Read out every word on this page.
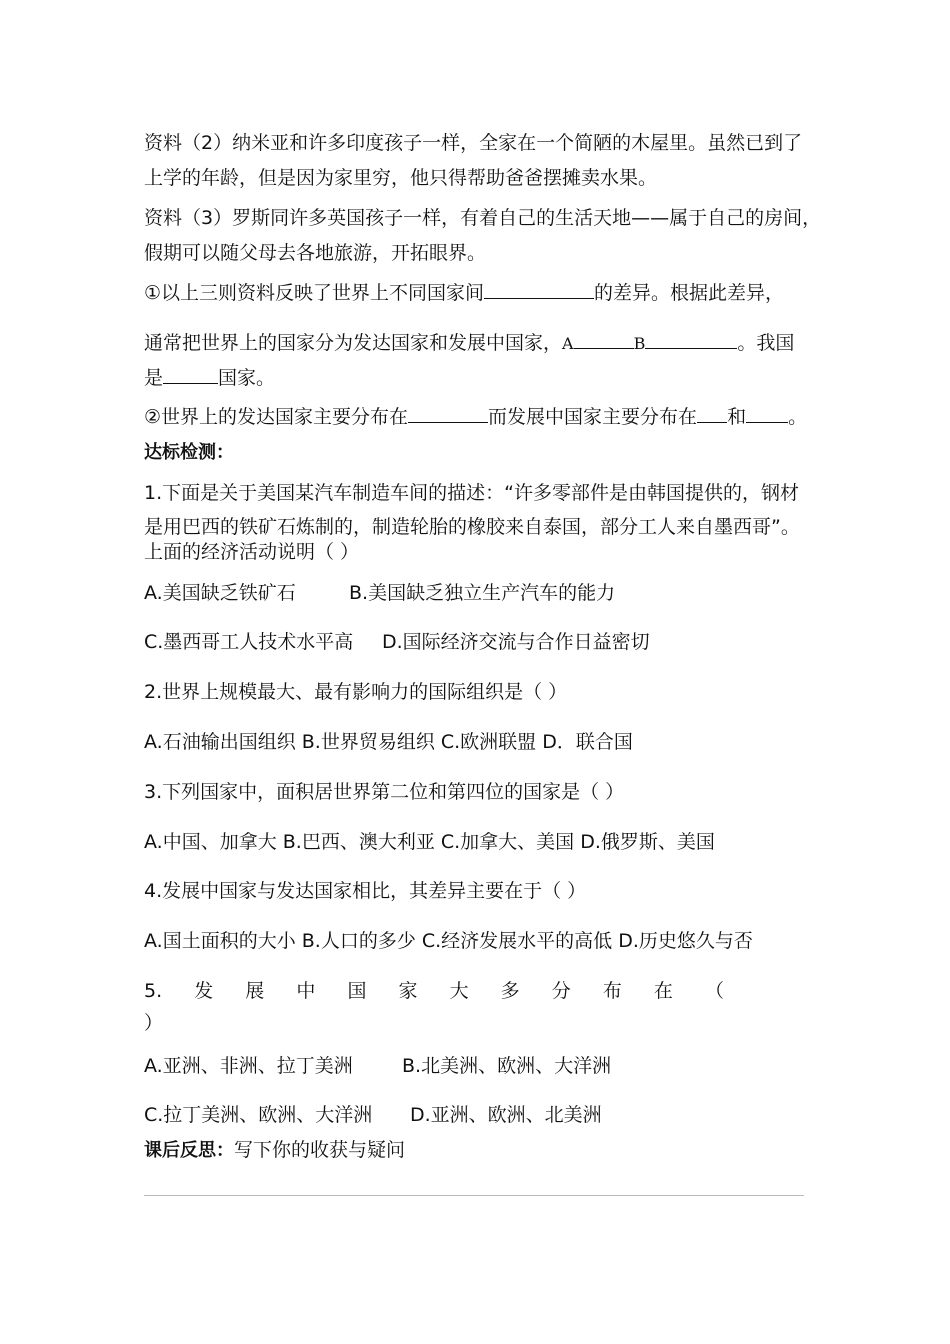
资料（2）纳米亚和许多印度孩子一样，全家在一个简陋的木屋里。虽然已到了
上学的年龄，但是因为家里穷，他只得帮助爸爸摆摊卖水果。
资料（3）罗斯同许多英国孩子一样，有着自己的生活天地——属于自己的房间，
假期可以随父母去各地旅游，开拓眼界。
①以上三则资料反映了世界上不同国家间	的差异。根据此差异，
通常把世界上的国家分为发达国家和发展中国家，A	B	。我国
是	国家。
②世界上的发达国家主要分布在	而发展中国家主要分布在 和 。
达标检测：
1.下面是关于美国某汽车制造车间的描述：“许多零部件是由韩国提供的，钢材
是用巴西的铁矿石炼制的，制造轮胎的橡胶来自泰国，部分工人来自墨西哥”。
上面的经济活动说明（ ）
A.美国缺乏铁矿石	B.美国缺乏独立生产汽车的能力
C.墨西哥工人技术水平高 D.国际经济交流与合作日益密切
2.世界上规模最大、最有影响力的国际组织是（ ）
A.石油输出国组织 B.世界贸易组织 C.欧洲联盟 D．联合国
3.下列国家中，面积居世界第二位和第四位的国家是（ ）
A.中国、加拿大 B.巴西、澳大利亚 C.加拿大、美国 D.俄罗斯、美国
4.发展中国家与发达国家相比，其差异主要在于（ ）
A.国土面积的大小 B.人口的多少 C.经济发展水平的高低 D.历史悠久与否
5. 发 展 中 国 家 大 多 分 布 在 （
）
A.亚洲、非洲、拉丁美洲	B.北美洲、欧洲、大洋洲
C.拉丁美洲、欧洲、大洋洲 D.亚洲、欧洲、北美洲
课后反思：写下你的收获与疑问
